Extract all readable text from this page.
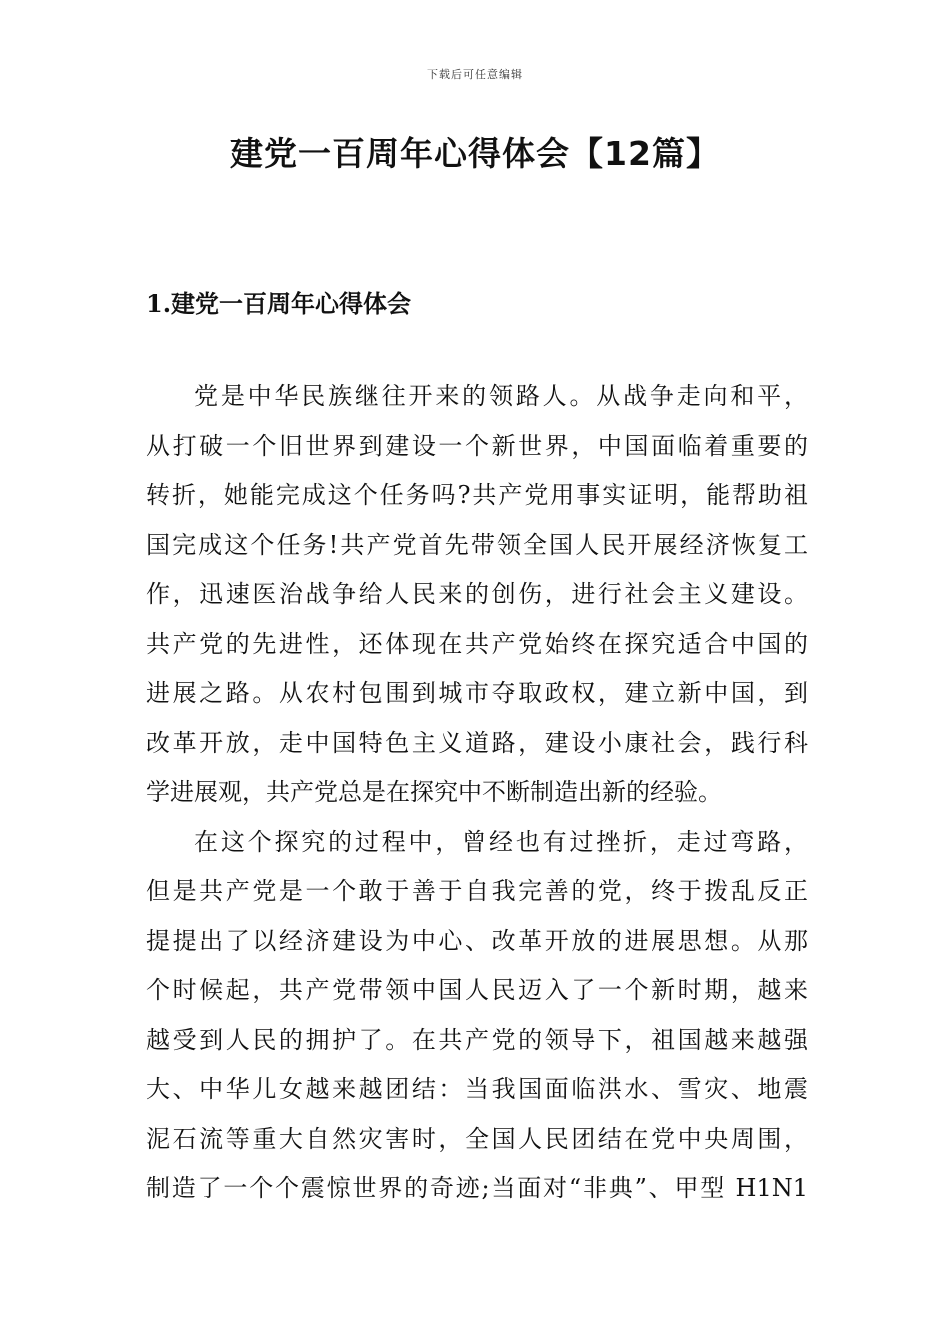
下载后可任意编辑
建党一百周年心得体会【12篇】
1.建党一百周年心得体会

党是中华民族继往开来的领路人。从战争走向和平，
从打破一个旧世界到建设一个新世界，中国面临着重要的
转折，她能完成这个任务吗?共产党用事实证明，能帮助祖
国完成这个任务!共产党首先带领全国人民开展经济恢复工
作，迅速医治战争给人民来的创伤，进行社会主义建设。
共产党的先进性，还体现在共产党始终在探究适合中国的
进展之路。从农村包围到城市夺取政权，建立新中国，到
改革开放，走中国特色主义道路，建设小康社会，践行科
学进展观，共产党总是在探究中不断制造出新的经验。

在这个探究的过程中，曾经也有过挫折，走过弯路，
但是共产党是一个敢于善于自我完善的党，终于拨乱反正
提提出了以经济建设为中心、改革开放的进展思想。从那
个时候起，共产党带领中国人民迈入了一个新时期，越来
越受到人民的拥护了。在共产党的领导下，祖国越来越强
大、中华儿女越来越团结：当我国面临洪水、雪灾、地震
泥石流等重大自然灾害时，全国人民团结在党中央周围，
制造了一个个震惊世界的奇迹;当面对“非典”、甲型 H1N1
